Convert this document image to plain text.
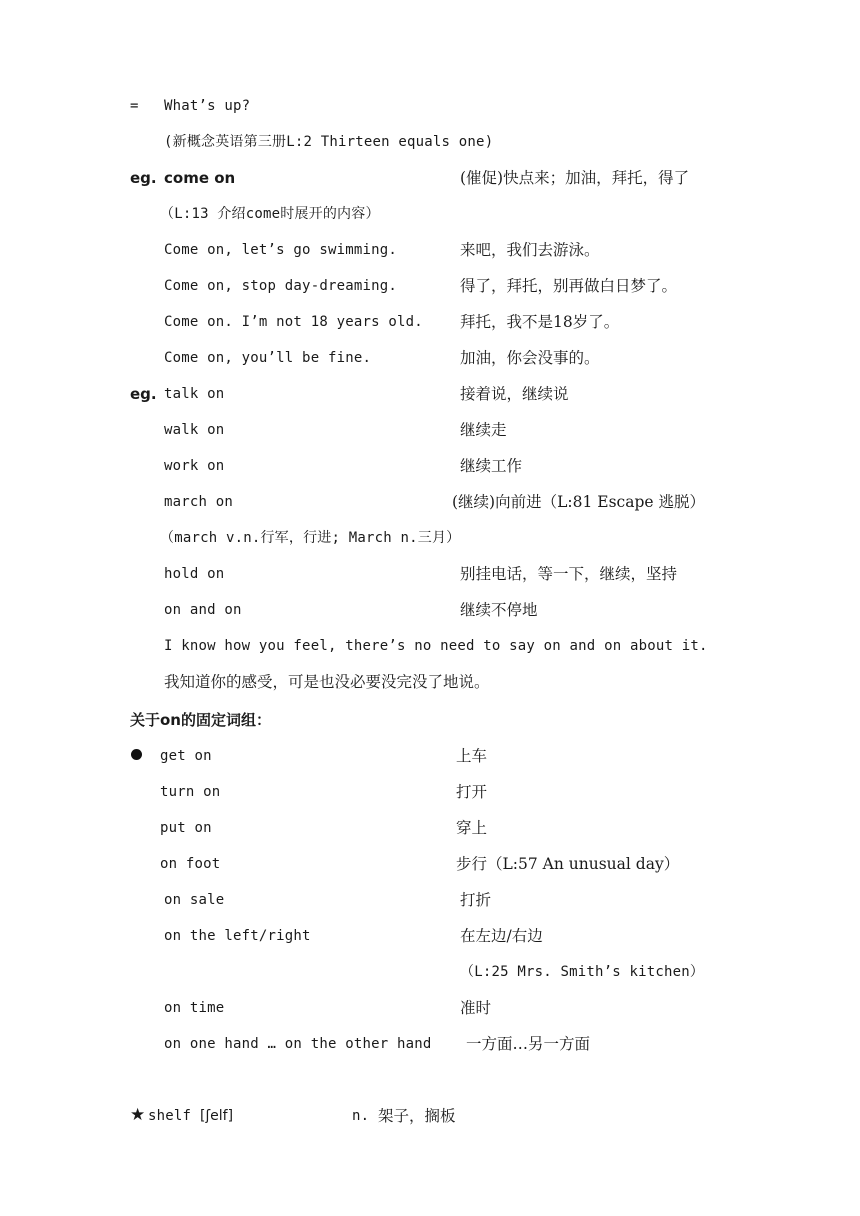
= What’s up?
(新概念英语第三册L:2 Thirteen equals one)
eg. come on	(催促)快点来；加油，拜托，得了
（L:13 介绍come时展开的内容）
Come on, let’s go swimming.	来吧，我们去游泳。
Come on, stop day-dreaming.	得了，拜托，别再做白日梦了。
Come on. I’m not 18 years old. 拜托，我不是18岁了。
Come on, you’ll be fine.	加油，你会没事的。
eg. talk on	接着说，继续说
walk on	继续走
work on	继续工作
march on	(继续)向前进（L:81 Escape 逃脱）
（march v.n.行军，行进; March n.三月）
hold on	别挂电话，等一下，继续，坚持
on and on	继续不停地
I know how you feel, there’s no need to say on and on about it.
我知道你的感受，可是也没必要没完没了地说。
关于on的固定词组：
get on	上车
turn on	打开
put on	穿上
on foot	步行（L:57 An unusual day）
on sale	打折
on the left/right	在左边/右边
（L:25 Mrs. Smith’s kitchen）
on time	准时
on one hand … on the other hand 一方面…另一方面
★ shelf [ʃelf]	n. 架子，搁板
